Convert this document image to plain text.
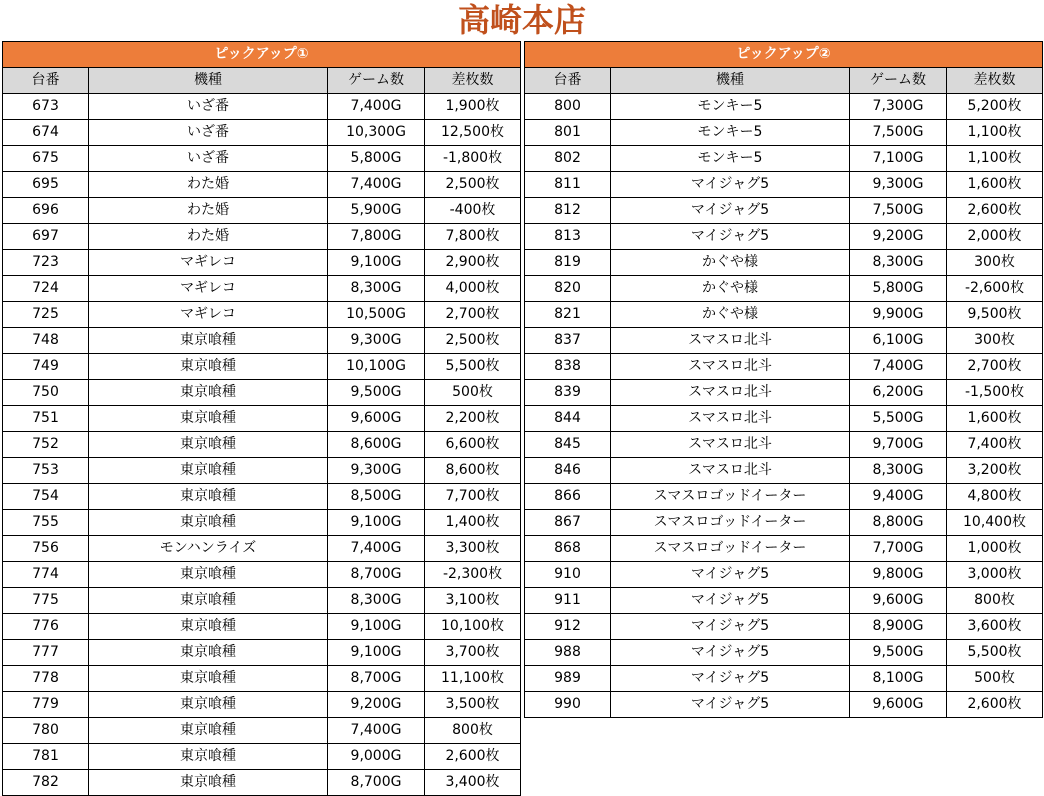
高崎本店
ピックアップ①			
台番	機種	ゲーム数	差枚数
673	いざ番	7,400G	1,900枚
674	いざ番	10,300G	12,500枚
675	いざ番	5,800G	-1,800枚
695	わた婚	7,400G	2,500枚
696	わた婚	5,900G	-400枚
697	わた婚	7,800G	7,800枚
723	マギレコ	9,100G	2,900枚
724	マギレコ	8,300G	4,000枚
725	マギレコ	10,500G	2,700枚
748	東京喰種	9,300G	2,500枚
749	東京喰種	10,100G	5,500枚
750	東京喰種	9,500G	500枚
751	東京喰種	9,600G	2,200枚
752	東京喰種	8,600G	6,600枚
753	東京喰種	9,300G	8,600枚
754	東京喰種	8,500G	7,700枚
755	東京喰種	9,100G	1,400枚
756	モンハンライズ	7,400G	3,300枚
774	東京喰種	8,700G	-2,300枚
775	東京喰種	8,300G	3,100枚
776	東京喰種	9,100G	10,100枚
777	東京喰種	9,100G	3,700枚
778	東京喰種	8,700G	11,100枚
779	東京喰種	9,200G	3,500枚
780	東京喰種	7,400G	800枚
781	東京喰種	9,000G	2,600枚
782	東京喰種	8,700G	3,400枚
ピックアップ②			
台番	機種	ゲーム数	差枚数
800	モンキー5	7,300G	5,200枚
801	モンキー5	7,500G	1,100枚
802	モンキー5	7,100G	1,100枚
811	マイジャグ5	9,300G	1,600枚
812	マイジャグ5	7,500G	2,600枚
813	マイジャグ5	9,200G	2,000枚
819	かぐや様	8,300G	300枚
820	かぐや様	5,800G	-2,600枚
821	かぐや様	9,900G	9,500枚
837	スマスロ北斗	6,100G	300枚
838	スマスロ北斗	7,400G	2,700枚
839	スマスロ北斗	6,200G	-1,500枚
844	スマスロ北斗	5,500G	1,600枚
845	スマスロ北斗	9,700G	7,400枚
846	スマスロ北斗	8,300G	3,200枚
866	スマスロゴッドイーター	9,400G	4,800枚
867	スマスロゴッドイーター	8,800G	10,400枚
868	スマスロゴッドイーター	7,700G	1,000枚
910	マイジャグ5	9,800G	3,000枚
911	マイジャグ5	9,600G	800枚
912	マイジャグ5	8,900G	3,600枚
988	マイジャグ5	9,500G	5,500枚
989	マイジャグ5	8,100G	500枚
990	マイジャグ5	9,600G	2,600枚
